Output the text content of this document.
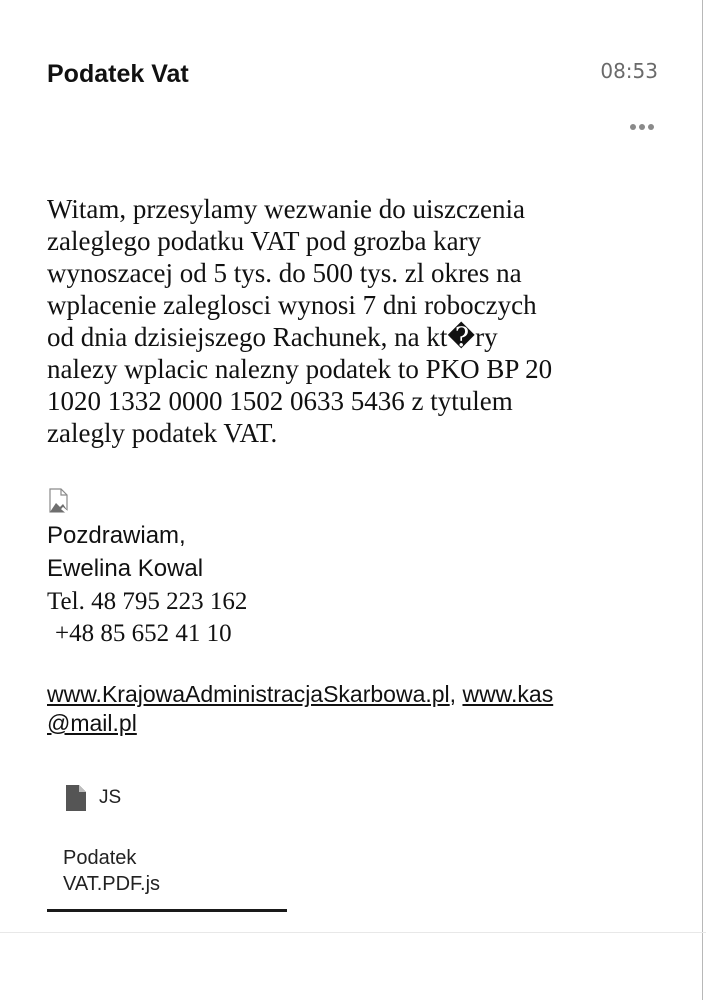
Podatek Vat	08:53
Witam, przesylamy wezwanie do uiszczenia
zaleglego podatku VAT pod grozba kary
wynoszacej od 5 tys. do 500 tys. zl okres na
wplacenie zaleglosci wynosi 7 dni roboczych
od dnia dzisiejszego Rachunek, na kt�ry
nalezy wplacic nalezny podatek to PKO BP 20
1020 1332 0000 1502 0633 5436 z tytulem
zalegly podatek VAT.
Pozdrawiam,
Ewelina Kowal
Tel. 48 795 223 162
+48 85 652 41 10
www.KrajowaAdministracjaSkarbowa.pl, www.kas
@mail.pl
JS
Podatek
VAT.PDF.js
